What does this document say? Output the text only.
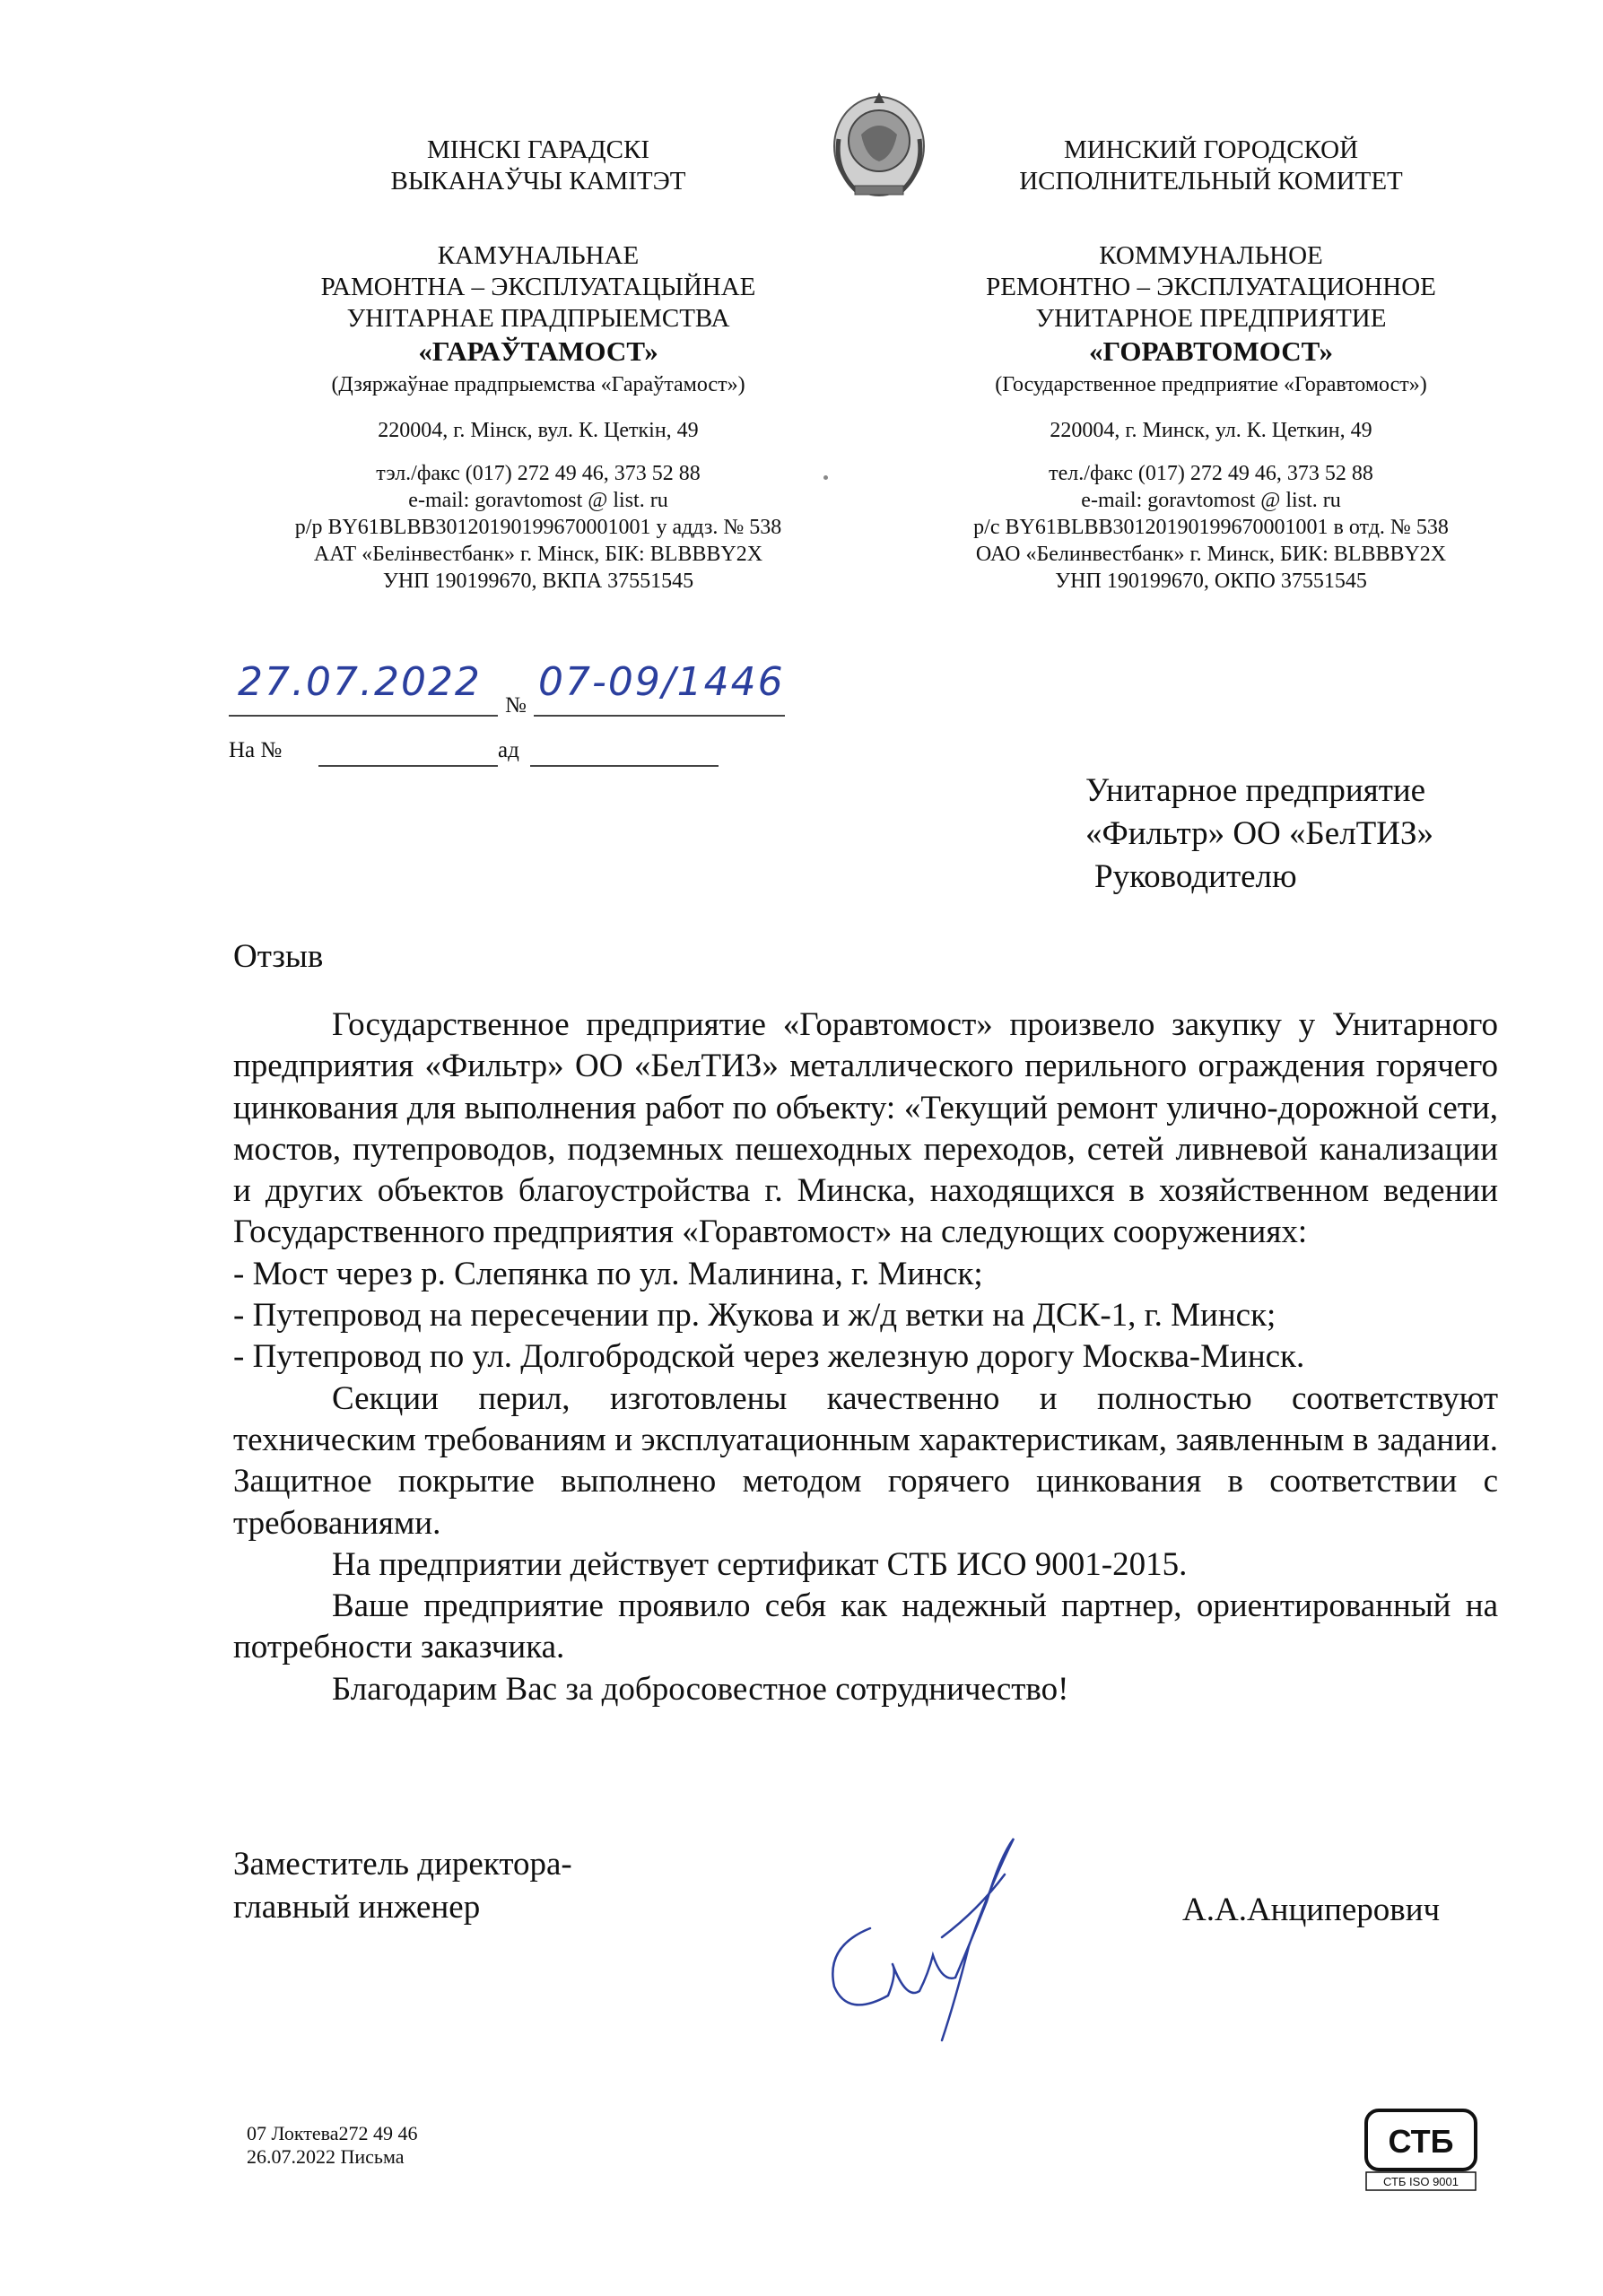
МІНСКІ ГАРАДСКІ
ВЫКАНАЎЧЫ КАМІТЭТ
КАМУНАЛЬНАЕ
РАМОНТНА – ЭКСПЛУАТАЦЫЙНАЕ
УНІТАРНАЕ ПРАДПРЫЕМСТВА
«ГАРАЎТАМОСТ»
(Дзяржаўнае прадпрыемства «Гараўтамост»)
220004, г. Мінск, вул. К. Цеткін, 49
тэл./факс (017) 272 49 46, 373 52 88
e-mail: goravtomost @ list. ru
р/р BY61BLBB30120190199670001001 у аддз. № 538
ААТ «Белінвестбанк» г. Мінск, БІК: BLBBBY2X
УНП 190199670, ВКПА 37551545
МИНСКИЙ ГОРОДСКОЙ
ИСПОЛНИТЕЛЬНЫЙ КОМИТЕТ
КОММУНАЛЬНОЕ
РЕМОНТНО – ЭКСПЛУАТАЦИОННОЕ
УНИТАРНОЕ ПРЕДПРИЯТИЕ
«ГОРАВТОМОСТ»
(Государственное предприятие «Горавтомост»)
220004, г. Минск, ул. К. Цеткин, 49
тел./факс (017) 272 49 46, 373 52 88
e-mail: goravtomost @ list. ru
р/с BY61BLBB30120190199670001001 в отд. № 538
ОАО «Белинвестбанк» г. Минск, БИК: BLBBBY2X
УНП 190199670, ОКПО 37551545
27.07.2022
№
07-09/1446
На №	ад
Унитарное предприятие
«Фильтр» ОО «БелТИЗ»
Руководителю
Отзыв

Государственное предприятие «Горавтомост» произвело закупку у Унитарного предприятия «Фильтр» ОО «БелТИЗ» металлического перильного ограждения горячего цинкования для выполнения работ по объекту: «Текущий ремонт улично-дорожной сети, мостов, путепроводов, подземных пешеходных переходов, сетей ливневой канализации и других объектов благоустройства г. Минска, находящихся в хозяйственном ведении Государственного предприятия «Горавтомост» на следующих сооружениях:

- Мост через р. Слепянка по ул. Малинина, г. Минск;

- Путепровод на пересечении пр. Жукова и ж/д ветки на ДСК-1, г. Минск;

- Путепровод по ул. Долгобродской через железную дорогу Москва-Минск.

Секции перил, изготовлены качественно и полностью соответствуют техническим требованиям и эксплуатационным характеристикам, заявленным в задании. Защитное покрытие выполнено методом горячего цинкования в соответствии с требованиями.

На предприятии действует сертификат СТБ ИСО 9001-2015.

Ваше предприятие проявило себя как надежный партнер, ориентированный на потребности заказчика.

Благодарим Вас за добросовестное сотрудничество!

Заместитель директора-
главный инженер	А.А.Анциперович
07 Локтева272 49 46
26.07.2022 Письма	СТБ
СТБ ISO 9001
